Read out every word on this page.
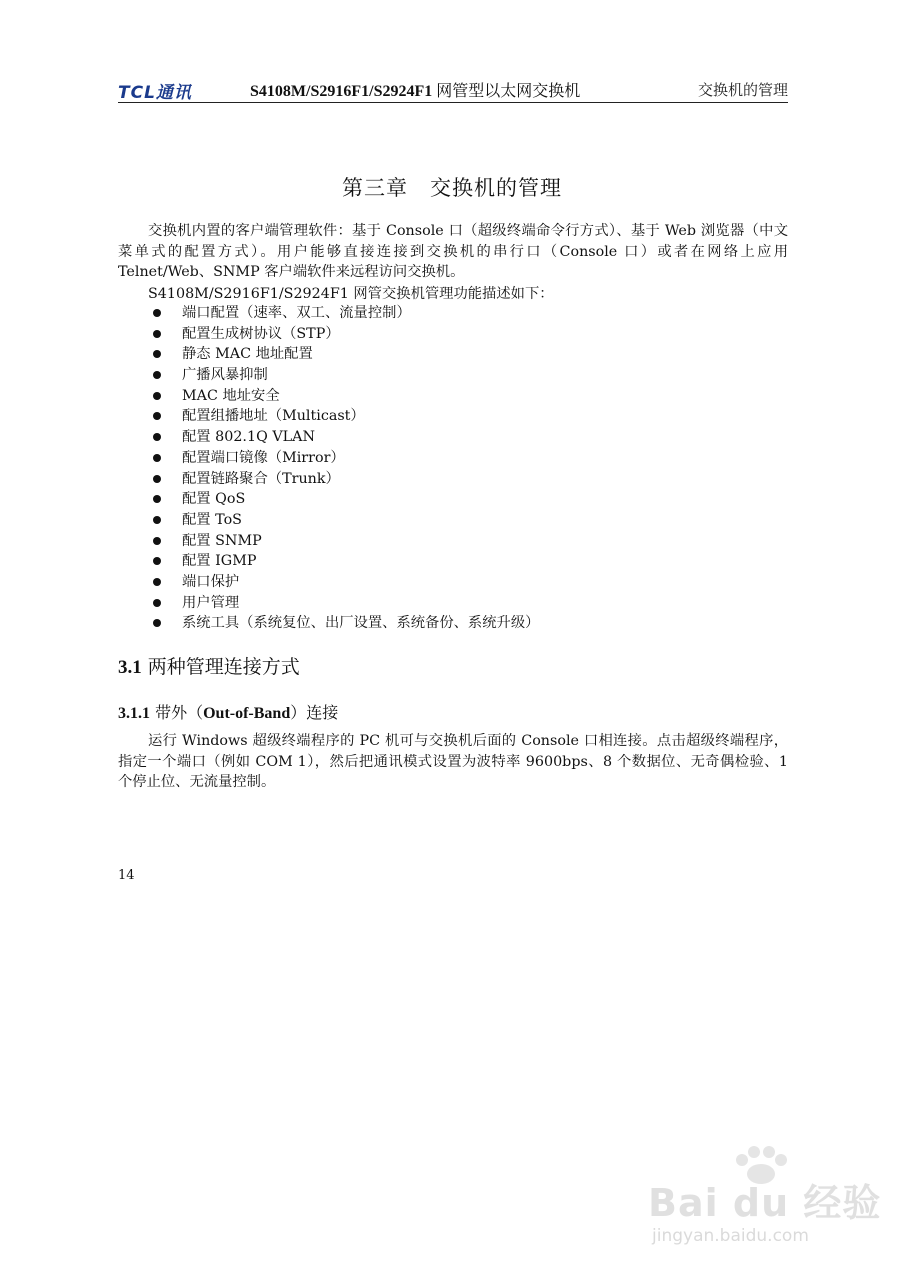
TCL通讯	S4108M/S2916F1/S2924F1 网管型以太网交换机	交换机的管理
第三章　交换机的管理

交换机内置的客户端管理软件：基于 Console 口（超级终端命令行方式）、基于 Web 浏览器（中文菜单式的配置方式）。用户能够直接连接到交换机的串行口（Console 口）或者在网络上应用 Telnet/Web、SNMP 客户端软件来远程访问交换机。

S4108M/S2916F1/S2924F1 网管交换机管理功能描述如下：
端口配置（速率、双工、流量控制）
配置生成树协议（STP）
静态 MAC 地址配置
广播风暴抑制
MAC 地址安全
配置组播地址（Multicast）
配置 802.1Q VLAN
配置端口镜像（Mirror）
配置链路聚合（Trunk）
配置 QoS
配置 ToS
配置 SNMP
配置 IGMP
端口保护
用户管理
系统工具（系统复位、出厂设置、系统备份、系统升级）
3.1 两种管理连接方式
3.1.1 带外（Out-of-Band）连接

运行 Windows 超级终端程序的 PC 机可与交换机后面的 Console 口相连接。点击超级终端程序，指定一个端口（例如 COM 1），然后把通讯模式设置为波特率 9600bps、8 个数据位、无奇偶检验、1 个停止位、无流量控制。

14
Bai du 经验
jingyan.baidu.com
